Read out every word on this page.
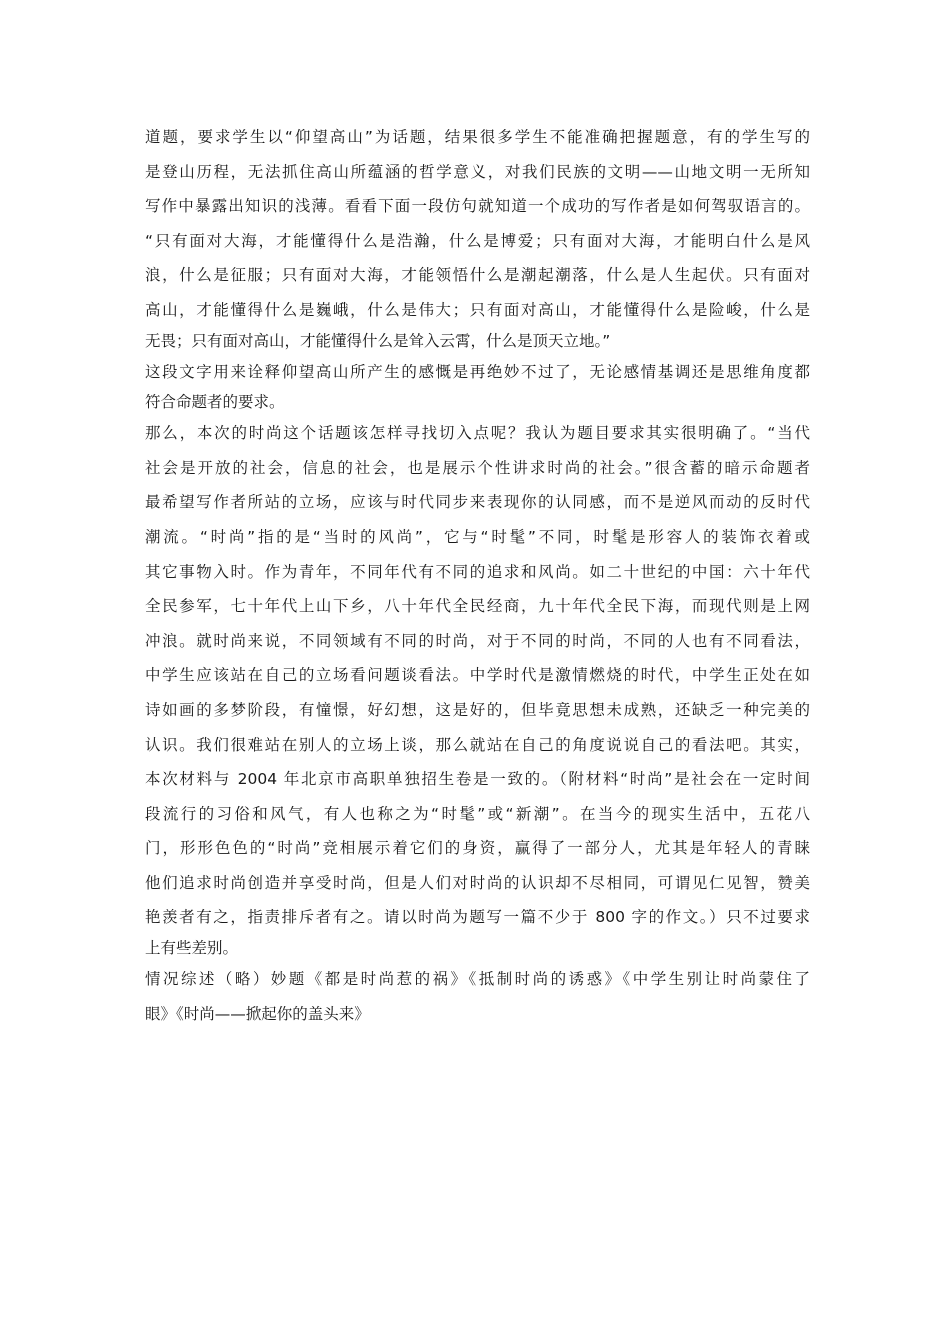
道题，要求学生以“仰望高山”为话题，结果很多学生不能准确把握题意，有的学生写的
是登山历程，无法抓住高山所蕴涵的哲学意义，对我们民族的文明——山地文明一无所知
写作中暴露出知识的浅薄。看看下面一段仿句就知道一个成功的写作者是如何驾驭语言的。
“只有面对大海，才能懂得什么是浩瀚，什么是博爱；只有面对大海，才能明白什么是风
浪，什么是征服；只有面对大海，才能领悟什么是潮起潮落，什么是人生起伏。只有面对
高山，才能懂得什么是巍峨，什么是伟大；只有面对高山，才能懂得什么是险峻，什么是
无畏；只有面对高山，才能懂得什么是耸入云霄，什么是顶天立地。”
这段文字用来诠释仰望高山所产生的感慨是再绝妙不过了，无论感情基调还是思维角度都
符合命题者的要求。
那么，本次的时尚这个话题该怎样寻找切入点呢？我认为题目要求其实很明确了。“当代
社会是开放的社会，信息的社会，也是展示个性讲求时尚的社会。”很含蓄的暗示命题者
最希望写作者所站的立场，应该与时代同步来表现你的认同感，而不是逆风而动的反时代
潮流。“时尚”指的是“当时的风尚”，它与“时髦”不同，时髦是形容人的装饰衣着或
其它事物入时。作为青年，不同年代有不同的追求和风尚。如二十世纪的中国：六十年代
全民参军，七十年代上山下乡，八十年代全民经商，九十年代全民下海，而现代则是上网
冲浪。就时尚来说，不同领域有不同的时尚，对于不同的时尚，不同的人也有不同看法，
中学生应该站在自己的立场看问题谈看法。中学时代是激情燃烧的时代，中学生正处在如
诗如画的多梦阶段，有憧憬，好幻想，这是好的，但毕竟思想未成熟，还缺乏一种完美的
认识。我们很难站在别人的立场上谈，那么就站在自己的角度说说自己的看法吧。其实，
本次材料与 2004 年北京市高职单独招生卷是一致的。（附材料“时尚”是社会在一定时间
段流行的习俗和风气，有人也称之为“时髦”或“新潮”。在当今的现实生活中，五花八
门，形形色色的“时尚”竞相展示着它们的身资，赢得了一部分人，尤其是年轻人的青睐
他们追求时尚创造并享受时尚，但是人们对时尚的认识却不尽相同，可谓见仁见智，赞美
艳羡者有之，指责排斥者有之。请以时尚为题写一篇不少于 800 字的作文。）只不过要求
上有些差别。
情况综述（略）妙题《都是时尚惹的祸》《抵制时尚的诱惑》《中学生别让时尚蒙住了
眼》《时尚——掀起你的盖头来》
